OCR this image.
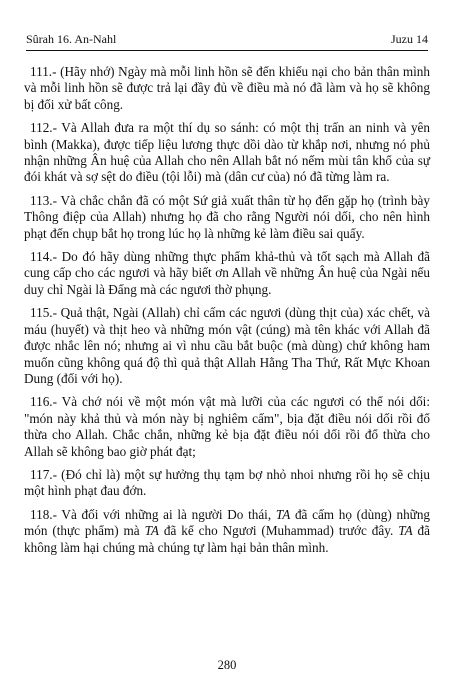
Sûrah 16. An-Nahl	Juzu 14

111.- (Hãy nhớ) Ngày mà mỗi linh hồn sẽ đến khiếu nại cho bản thân mình và mỗi linh hồn sẽ được trả lại đầy đủ về điều mà nó đã làm và họ sẽ không bị đối xử bất công.

112.- Và Allah đưa ra một thí dụ so sánh: có một thị trấn an ninh và yên bình (Makka), được tiếp liệu lương thực dồi dào từ khắp nơi, nhưng nó phủ nhận những Ân huệ của Allah cho nên Allah bắt nó nếm mùi tân khổ của sự đói khát và sợ sệt do điều (tội lỗi) mà (dân cư của) nó đã từng làm ra.

113.- Và chắc chắn đã có một Sứ giả xuất thân từ họ đến gặp họ (trình bày Thông điệp của Allah) nhưng họ đã cho rằng Người nói dối, cho nên hình phạt đến chụp bắt họ trong lúc họ là những kẻ làm điều sai quấy.

114.- Do đó hãy dùng những thực phẩm khả-thủ và tốt sạch mà Allah đã cung cấp cho các ngươi và hãy biết ơn Allah về những Ân huệ của Ngài nếu duy chỉ Ngài là Đấng mà các ngươi thờ phụng.

115.- Quả thật, Ngài (Allah) chỉ cấm các ngươi (dùng thịt của) xác chết, và máu (huyết) và thịt heo và những món vật (cúng) mà tên khác với Allah đã được nhắc lên nó; nhưng ai vì nhu cầu bắt buộc (mà dùng) chứ không ham muốn cũng không quá độ thì quả thật Allah Hằng Tha Thứ, Rất Mực Khoan Dung (đối với họ).

116.- Và chớ nói về một món vật mà lưỡi của các ngươi có thể nói dối: "món này khả thủ và món này bị nghiêm cấm", bịa đặt điều nói dối rồi đổ thừa cho Allah. Chắc chắn, những kẻ bịa đặt điều nói dối rồi đổ thừa cho Allah sẽ không bao giờ phát đạt;

117.- (Đó chỉ là) một sự hưởng thụ tạm bợ nhỏ nhoi nhưng rồi họ sẽ chịu một hình phạt đau đớn.

118.- Và đối với những ai là người Do thái, TA đã cấm họ (dùng) những món (thực phẩm) mà TA đã kể cho Ngươi (Muhammad) trước đây. TA đã không làm hại chúng mà chúng tự làm hại bản thân mình.

280
